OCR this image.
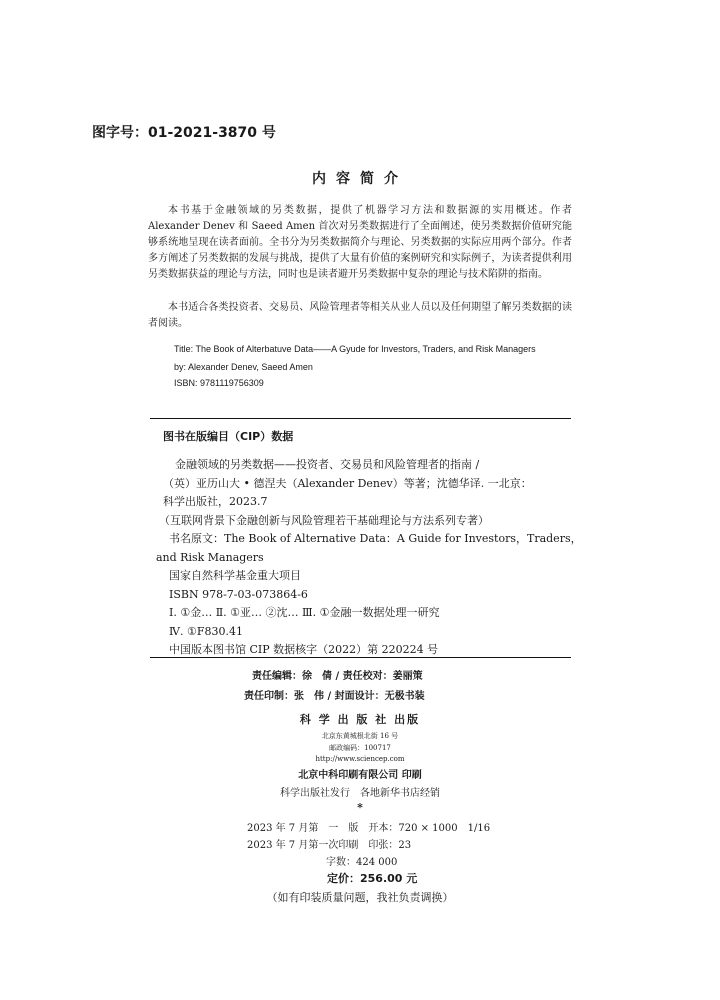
图字号：01-2021-3870 号
内容简介
本书基于金融领域的另类数据，提供了机器学习方法和数据源的实用概述。作者 Alexander Denev 和 Saeed Amen 首次对另类数据进行了全面阐述，使另类数据价值研究能够系统地呈现在读者面前。全书分为另类数据简介与理论、另类数据的实际应用两个部分。作者多方阐述了另类数据的发展与挑战，提供了大量有价值的案例研究和实际例子，为读者提供利用另类数据获益的理论与方法，同时也是读者避开另类数据中复杂的理论与技术陷阱的指南。
本书适合各类投资者、交易员、风险管理者等相关从业人员以及任何期望了解另类数据的读者阅读。
Title: The Book of Alterbatuve Data——A Gyude for Investors, Traders, and Risk Managers
by: Alexander Denev, Saeed Amen
ISBN: 9781119756309
图书在版编目（CIP）数据
金融领域的另类数据——投资者、交易员和风险管理者的指南 /
（英）亚历山大 • 德涅夫（Alexander Denev）等著；沈德华译. 一北京：
科学出版社，2023.7
（互联网背景下金融创新与风险管理若干基础理论与方法系列专著）
书名原文：The Book of Alternative Data：A Guide for Investors，Traders，
and Risk Managers
国家自然科学基金重大项目
ISBN 978-7-03-073864-6
Ⅰ. ①金… Ⅱ. ①亚… ②沈… Ⅲ. ①金融一数据处理一研究
Ⅳ. ①F830.41
中国版本图书馆 CIP 数据核字（2022）第 220224 号
责任编辑：徐　倩 / 责任校对：姜丽策
责任印制：张　伟 / 封面设计：无极书装
科 学 出 版 社 出版
北京东黄城根北街 16 号
邮政编码：100717
http://www.sciencep.com
北京中科印刷有限公司 印刷
科学出版社发行　各地新华书店经销
*
2023 年 7 月第　一　版　开本：720 × 1000　1/16
2023 年 7 月第一次印刷　印张：23
字数：424 000
定价：256.00 元
（如有印装质量问题，我社负责调换）
